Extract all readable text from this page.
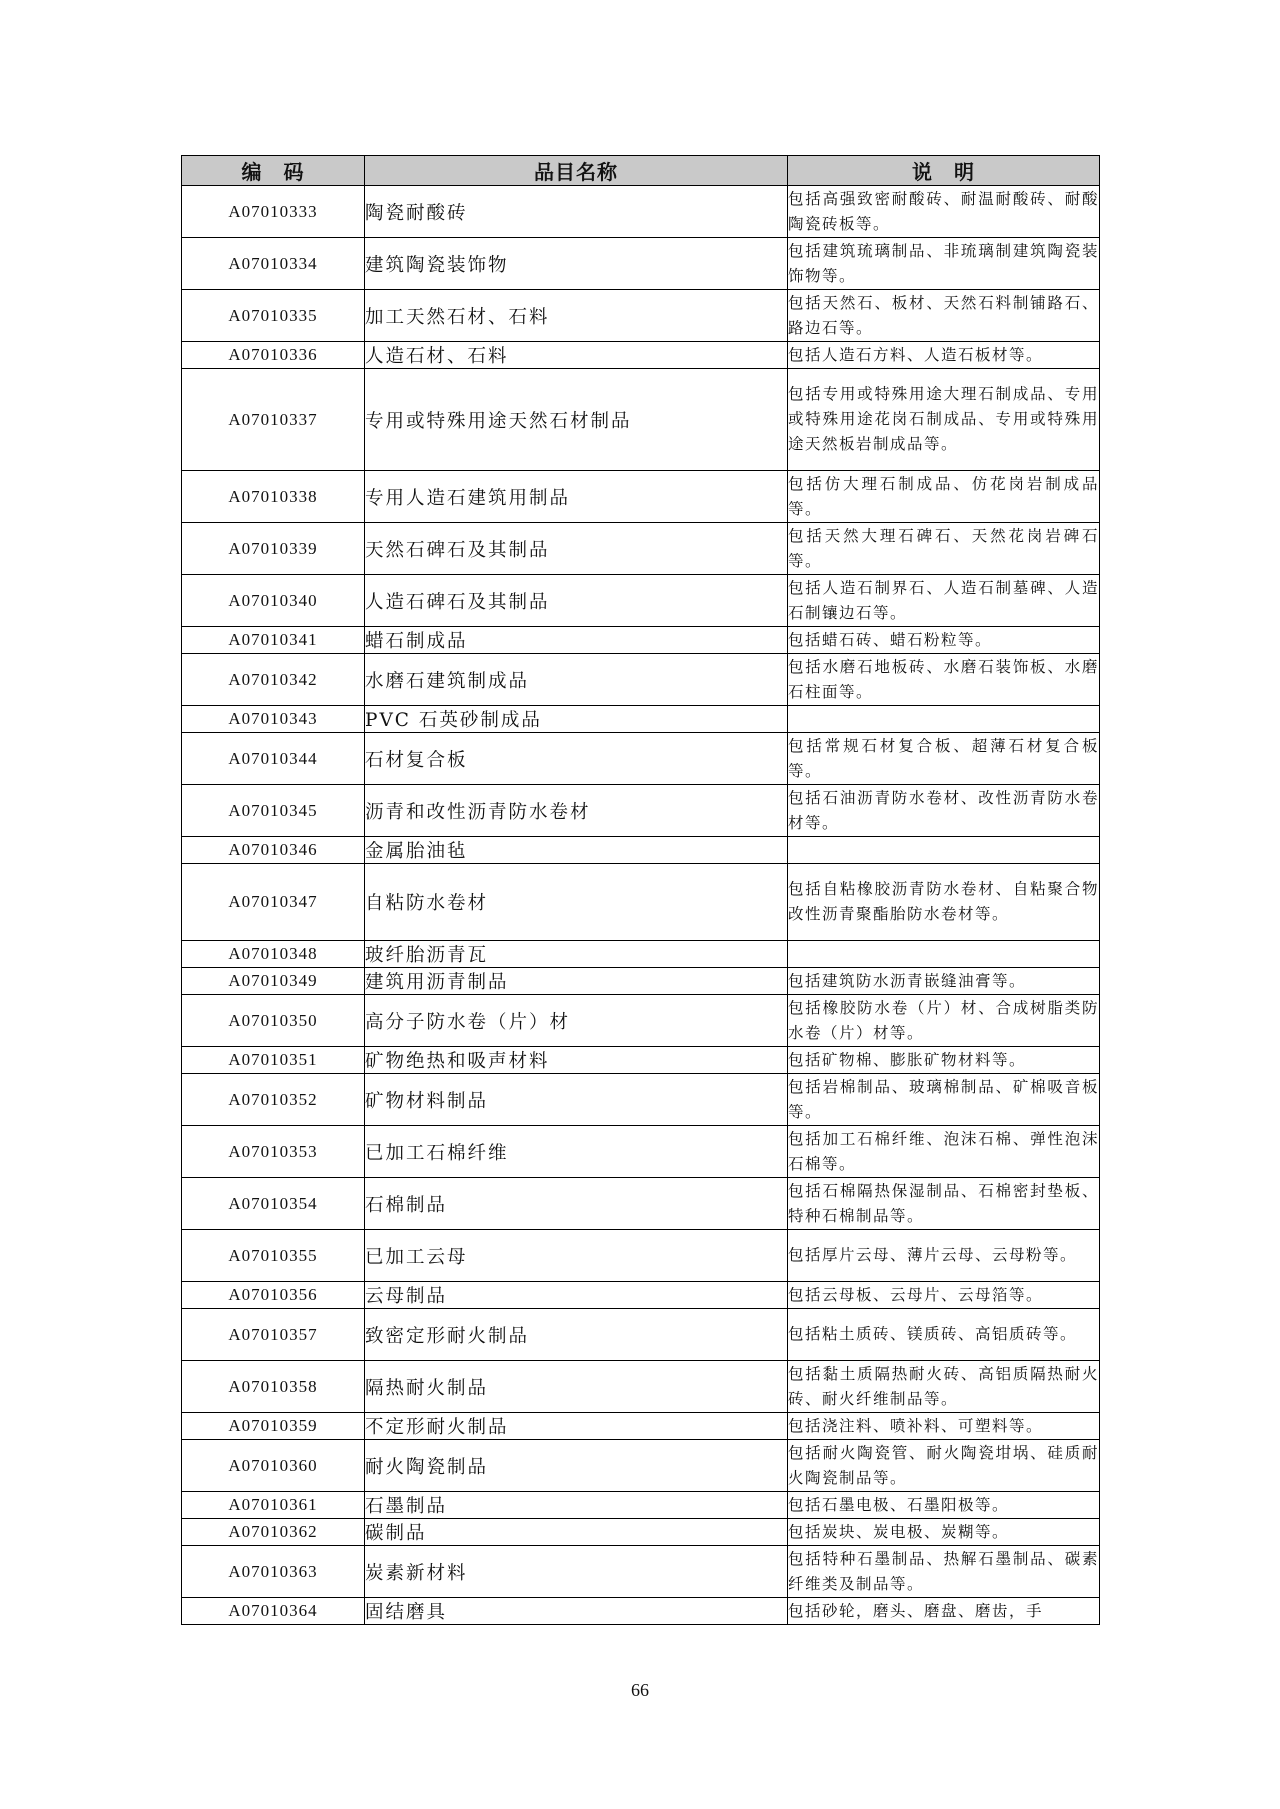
编　码	品目名称	说　明
A07010333	陶瓷耐酸砖	包括高强致密耐酸砖、耐温耐酸砖、耐酸陶瓷砖板等。
A07010334	建筑陶瓷装饰物	包括建筑琉璃制品、非琉璃制建筑陶瓷装饰物等。
A07010335	加工天然石材、石料	包括天然石、板材、天然石料制铺路石、路边石等。
A07010336	人造石材、石料	包括人造石方料、人造石板材等。
A07010337	专用或特殊用途天然石材制品	包括专用或特殊用途大理石制成品、专用或特殊用途花岗石制成品、专用或特殊用途天然板岩制成品等。
A07010338	专用人造石建筑用制品	包括仿大理石制成品、仿花岗岩制成品等。
A07010339	天然石碑石及其制品	包括天然大理石碑石、天然花岗岩碑石等。
A07010340	人造石碑石及其制品	包括人造石制界石、人造石制墓碑、人造石制镶边石等。
A07010341	蜡石制成品	包括蜡石砖、蜡石粉粒等。
A07010342	水磨石建筑制成品	包括水磨石地板砖、水磨石装饰板、水磨石柱面等。
A07010343	PVC 石英砂制成品	
A07010344	石材复合板	包括常规石材复合板、超薄石材复合板等。
A07010345	沥青和改性沥青防水卷材	包括石油沥青防水卷材、改性沥青防水卷材等。
A07010346	金属胎油毡	
A07010347	自粘防水卷材	包括自粘橡胶沥青防水卷材、自粘聚合物改性沥青聚酯胎防水卷材等。
A07010348	玻纤胎沥青瓦	
A07010349	建筑用沥青制品	包括建筑防水沥青嵌缝油膏等。
A07010350	高分子防水卷（片）材	包括橡胶防水卷（片）材、合成树脂类防水卷（片）材等。
A07010351	矿物绝热和吸声材料	包括矿物棉、膨胀矿物材料等。
A07010352	矿物材料制品	包括岩棉制品、玻璃棉制品、矿棉吸音板等。
A07010353	已加工石棉纤维	包括加工石棉纤维、泡沫石棉、弹性泡沫石棉等。
A07010354	石棉制品	包括石棉隔热保湿制品、石棉密封垫板、特种石棉制品等。
A07010355	已加工云母	包括厚片云母、薄片云母、云母粉等。
A07010356	云母制品	包括云母板、云母片、云母箔等。
A07010357	致密定形耐火制品	包括粘土质砖、镁质砖、高铝质砖等。
A07010358	隔热耐火制品	包括黏土质隔热耐火砖、高铝质隔热耐火砖、耐火纤维制品等。
A07010359	不定形耐火制品	包括浇注料、喷补料、可塑料等。
A07010360	耐火陶瓷制品	包括耐火陶瓷管、耐火陶瓷坩埚、硅质耐火陶瓷制品等。
A07010361	石墨制品	包括石墨电极、石墨阳极等。
A07010362	碳制品	包括炭块、炭电极、炭糊等。
A07010363	炭素新材料	包括特种石墨制品、热解石墨制品、碳素纤维类及制品等。
A07010364	固结磨具	包括砂轮，磨头、磨盘、磨齿，手
66
